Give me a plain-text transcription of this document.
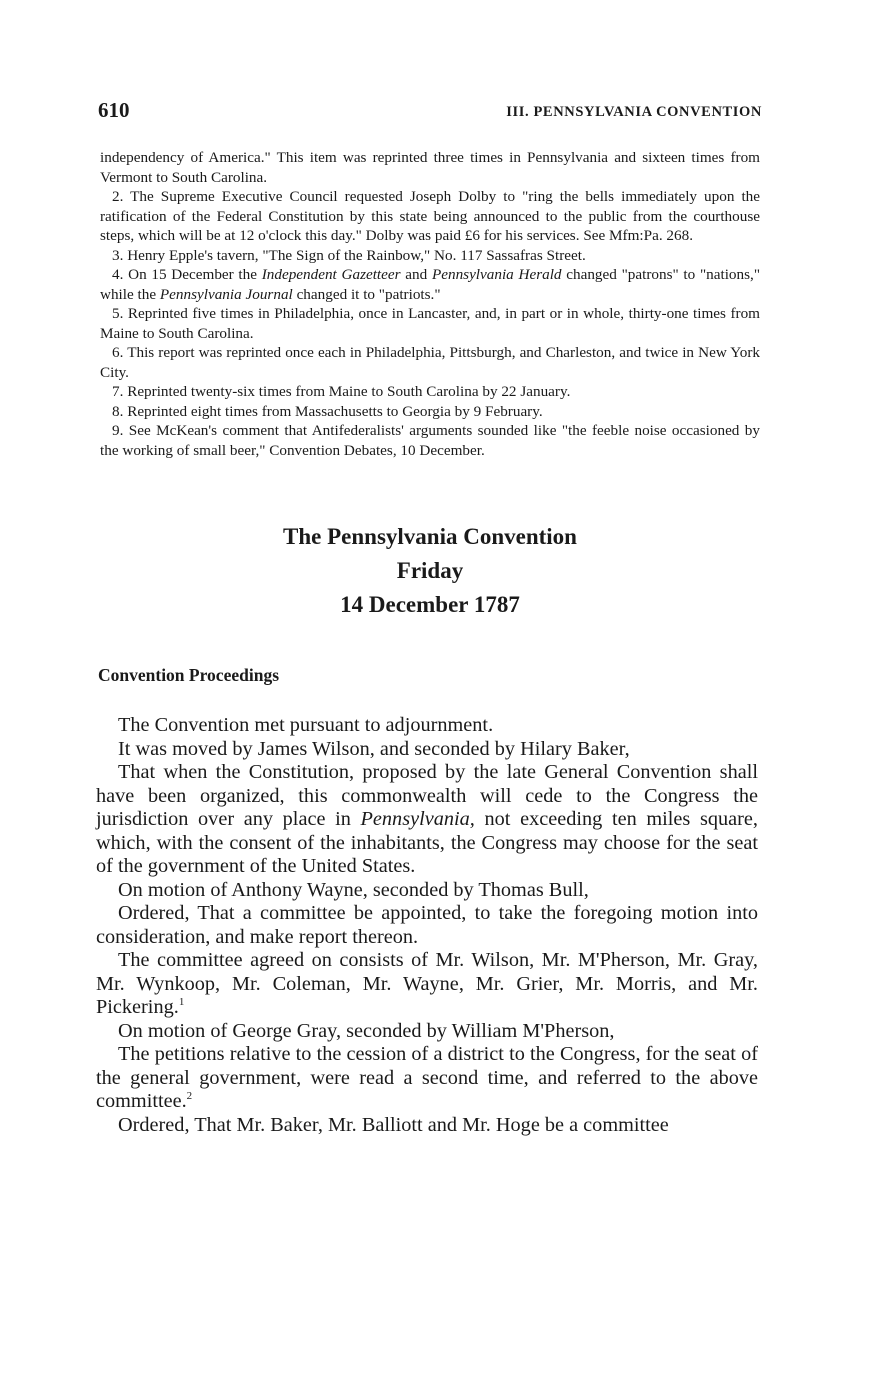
610	III. PENNSYLVANIA CONVENTION

independency of America." This item was reprinted three times in Pennsylvania and sixteen times from Vermont to South Carolina.

2. The Supreme Executive Council requested Joseph Dolby to "ring the bells immediately upon the ratification of the Federal Constitution by this state being announced to the public from the courthouse steps, which will be at 12 o'clock this day." Dolby was paid £6 for his services. See Mfm:Pa. 268.

3. Henry Epple's tavern, "The Sign of the Rainbow," No. 117 Sassafras Street.

4. On 15 December the Independent Gazetteer and Pennsylvania Herald changed "patrons" to "nations," while the Pennsylvania Journal changed it to "patriots."

5. Reprinted five times in Philadelphia, once in Lancaster, and, in part or in whole, thirty-one times from Maine to South Carolina.

6. This report was reprinted once each in Philadelphia, Pittsburgh, and Charleston, and twice in New York City.

7. Reprinted twenty-six times from Maine to South Carolina by 22 January.

8. Reprinted eight times from Massachusetts to Georgia by 9 February.

9. See McKean's comment that Antifederalists' arguments sounded like "the feeble noise occasioned by the working of small beer," Convention Debates, 10 December.

The Pennsylvania Convention
Friday
14 December 1787
Convention Proceedings

The Convention met pursuant to adjournment.

It was moved by James Wilson, and seconded by Hilary Baker,

That when the Constitution, proposed by the late General Convention shall have been organized, this commonwealth will cede to the Congress the jurisdiction over any place in Pennsylvania, not exceeding ten miles square, which, with the consent of the inhabitants, the Congress may choose for the seat of the government of the United States.

On motion of Anthony Wayne, seconded by Thomas Bull,

Ordered, That a committee be appointed, to take the foregoing motion into consideration, and make report thereon.

The committee agreed on consists of Mr. Wilson, Mr. M'Pherson, Mr. Gray, Mr. Wynkoop, Mr. Coleman, Mr. Wayne, Mr. Grier, Mr. Morris, and Mr. Pickering.$^1$

On motion of George Gray, seconded by William M'Pherson,

The petitions relative to the cession of a district to the Congress, for the seat of the general government, were read a second time, and referred to the above committee.$^2$

Ordered, That Mr. Baker, Mr. Balliott and Mr. Hoge be a committee
